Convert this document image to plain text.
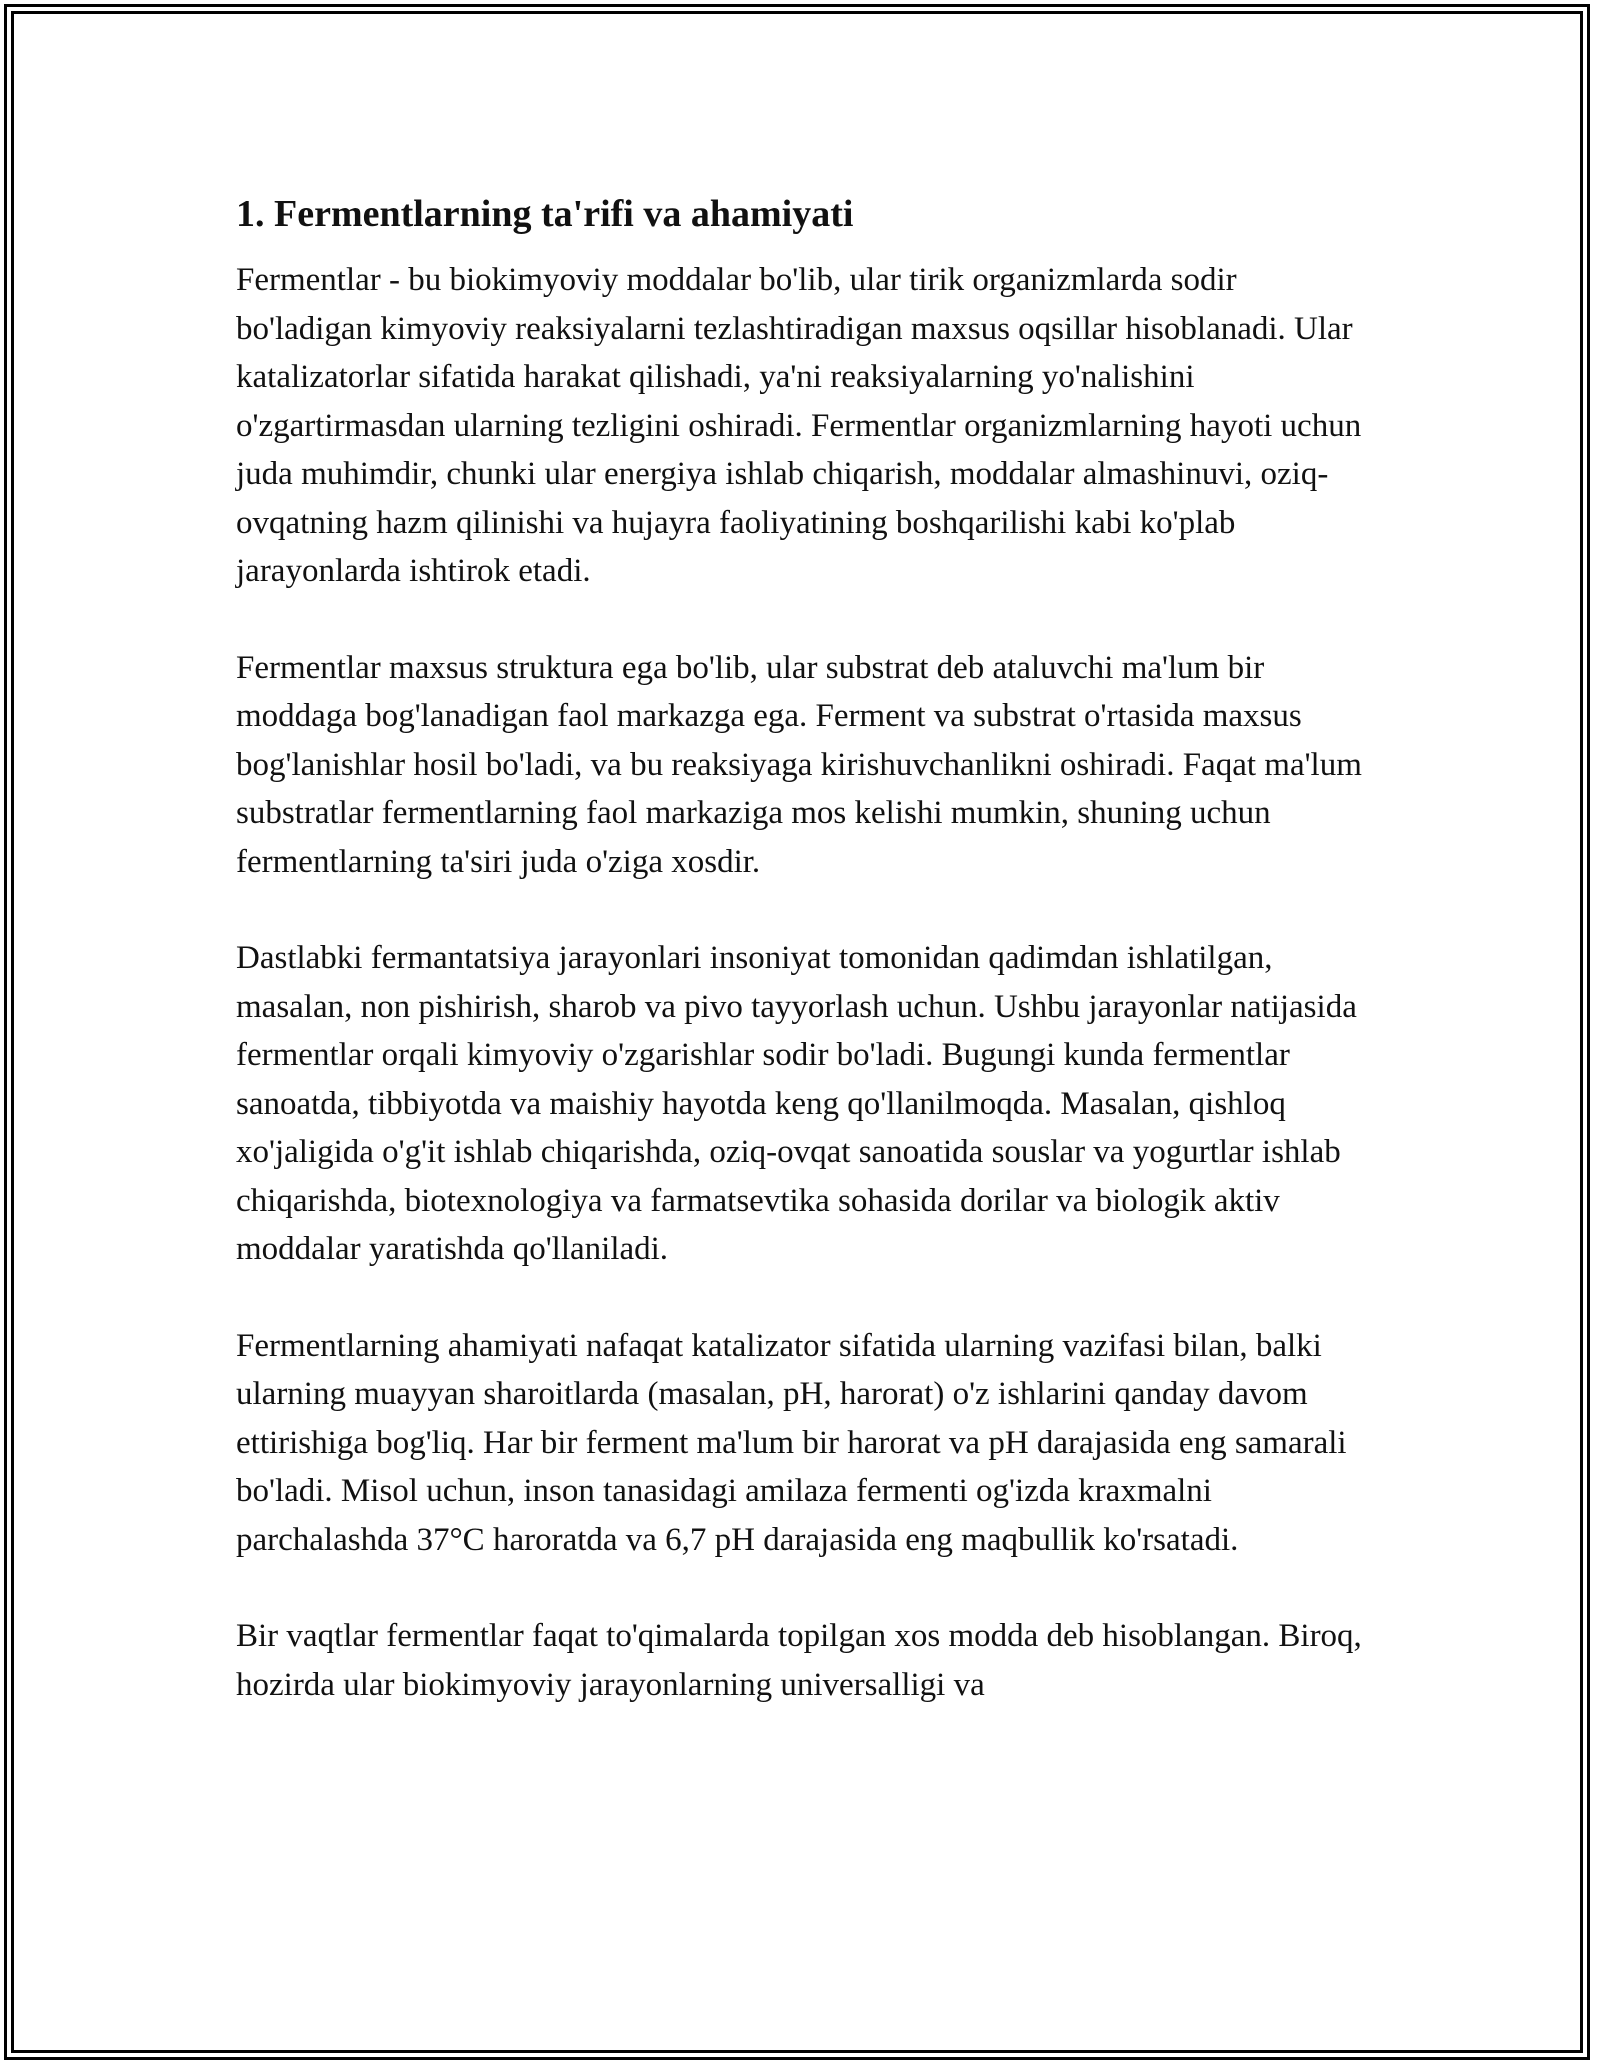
1. Fermentlarning ta'rifi va ahamiyati

Fermentlar - bu biokimyoviy moddalar bo'lib, ular tirik organizmlarda sodir bo'ladigan kimyoviy reaksiyalarni tezlashtiradigan maxsus oqsillar hisoblanadi. Ular katalizatorlar sifatida harakat qilishadi, ya'ni reaksiyalarning yo'nalishini o'zgartirmasdan ularning tezligini oshiradi. Fermentlar organizmlarning hayoti uchun juda muhimdir, chunki ular energiya ishlab chiqarish, moddalar almashinuvi, oziq-ovqatning hazm qilinishi va hujayra faoliyatining boshqarilishi kabi ko'plab jarayonlarda ishtirok etadi.

Fermentlar maxsus struktura ega bo'lib, ular substrat deb ataluvchi ma'lum bir moddaga bog'lanadigan faol markazga ega. Ferment va substrat o'rtasida maxsus bog'lanishlar hosil bo'ladi, va bu reaksiyaga kirishuvchanlikni oshiradi. Faqat ma'lum substratlar fermentlarning faol markaziga mos kelishi mumkin, shuning uchun fermentlarning ta'siri juda o'ziga xosdir.

Dastlabki fermantatsiya jarayonlari insoniyat tomonidan qadimdan ishlatilgan, masalan, non pishirish, sharob va pivo tayyorlash uchun. Ushbu jarayonlar natijasida fermentlar orqali kimyoviy o'zgarishlar sodir bo'ladi. Bugungi kunda fermentlar sanoatda, tibbiyotda va maishiy hayotda keng qo'llanilmoqda. Masalan, qishloq xo'jaligida o'g'it ishlab chiqarishda, oziq-ovqat sanoatida souslar va yogurtlar ishlab chiqarishda, biotexnologiya va farmatsevtika sohasida dorilar va biologik aktiv moddalar yaratishda qo'llaniladi.

Fermentlarning ahamiyati nafaqat katalizator sifatida ularning vazifasi bilan, balki ularning muayyan sharoitlarda (masalan, pH, harorat) o'z ishlarini qanday davom ettirishiga bog'liq. Har bir ferment ma'lum bir harorat va pH darajasida eng samarali bo'ladi. Misol uchun, inson tanasidagi amilaza fermenti og'izda kraxmalni parchalashda 37°C haroratda va 6,7 pH darajasida eng maqbullik ko'rsatadi.

Bir vaqtlar fermentlar faqat to'qimalarda topilgan xos modda deb hisoblangan. Biroq, hozirda ular biokimyoviy jarayonlarning universalligi va
